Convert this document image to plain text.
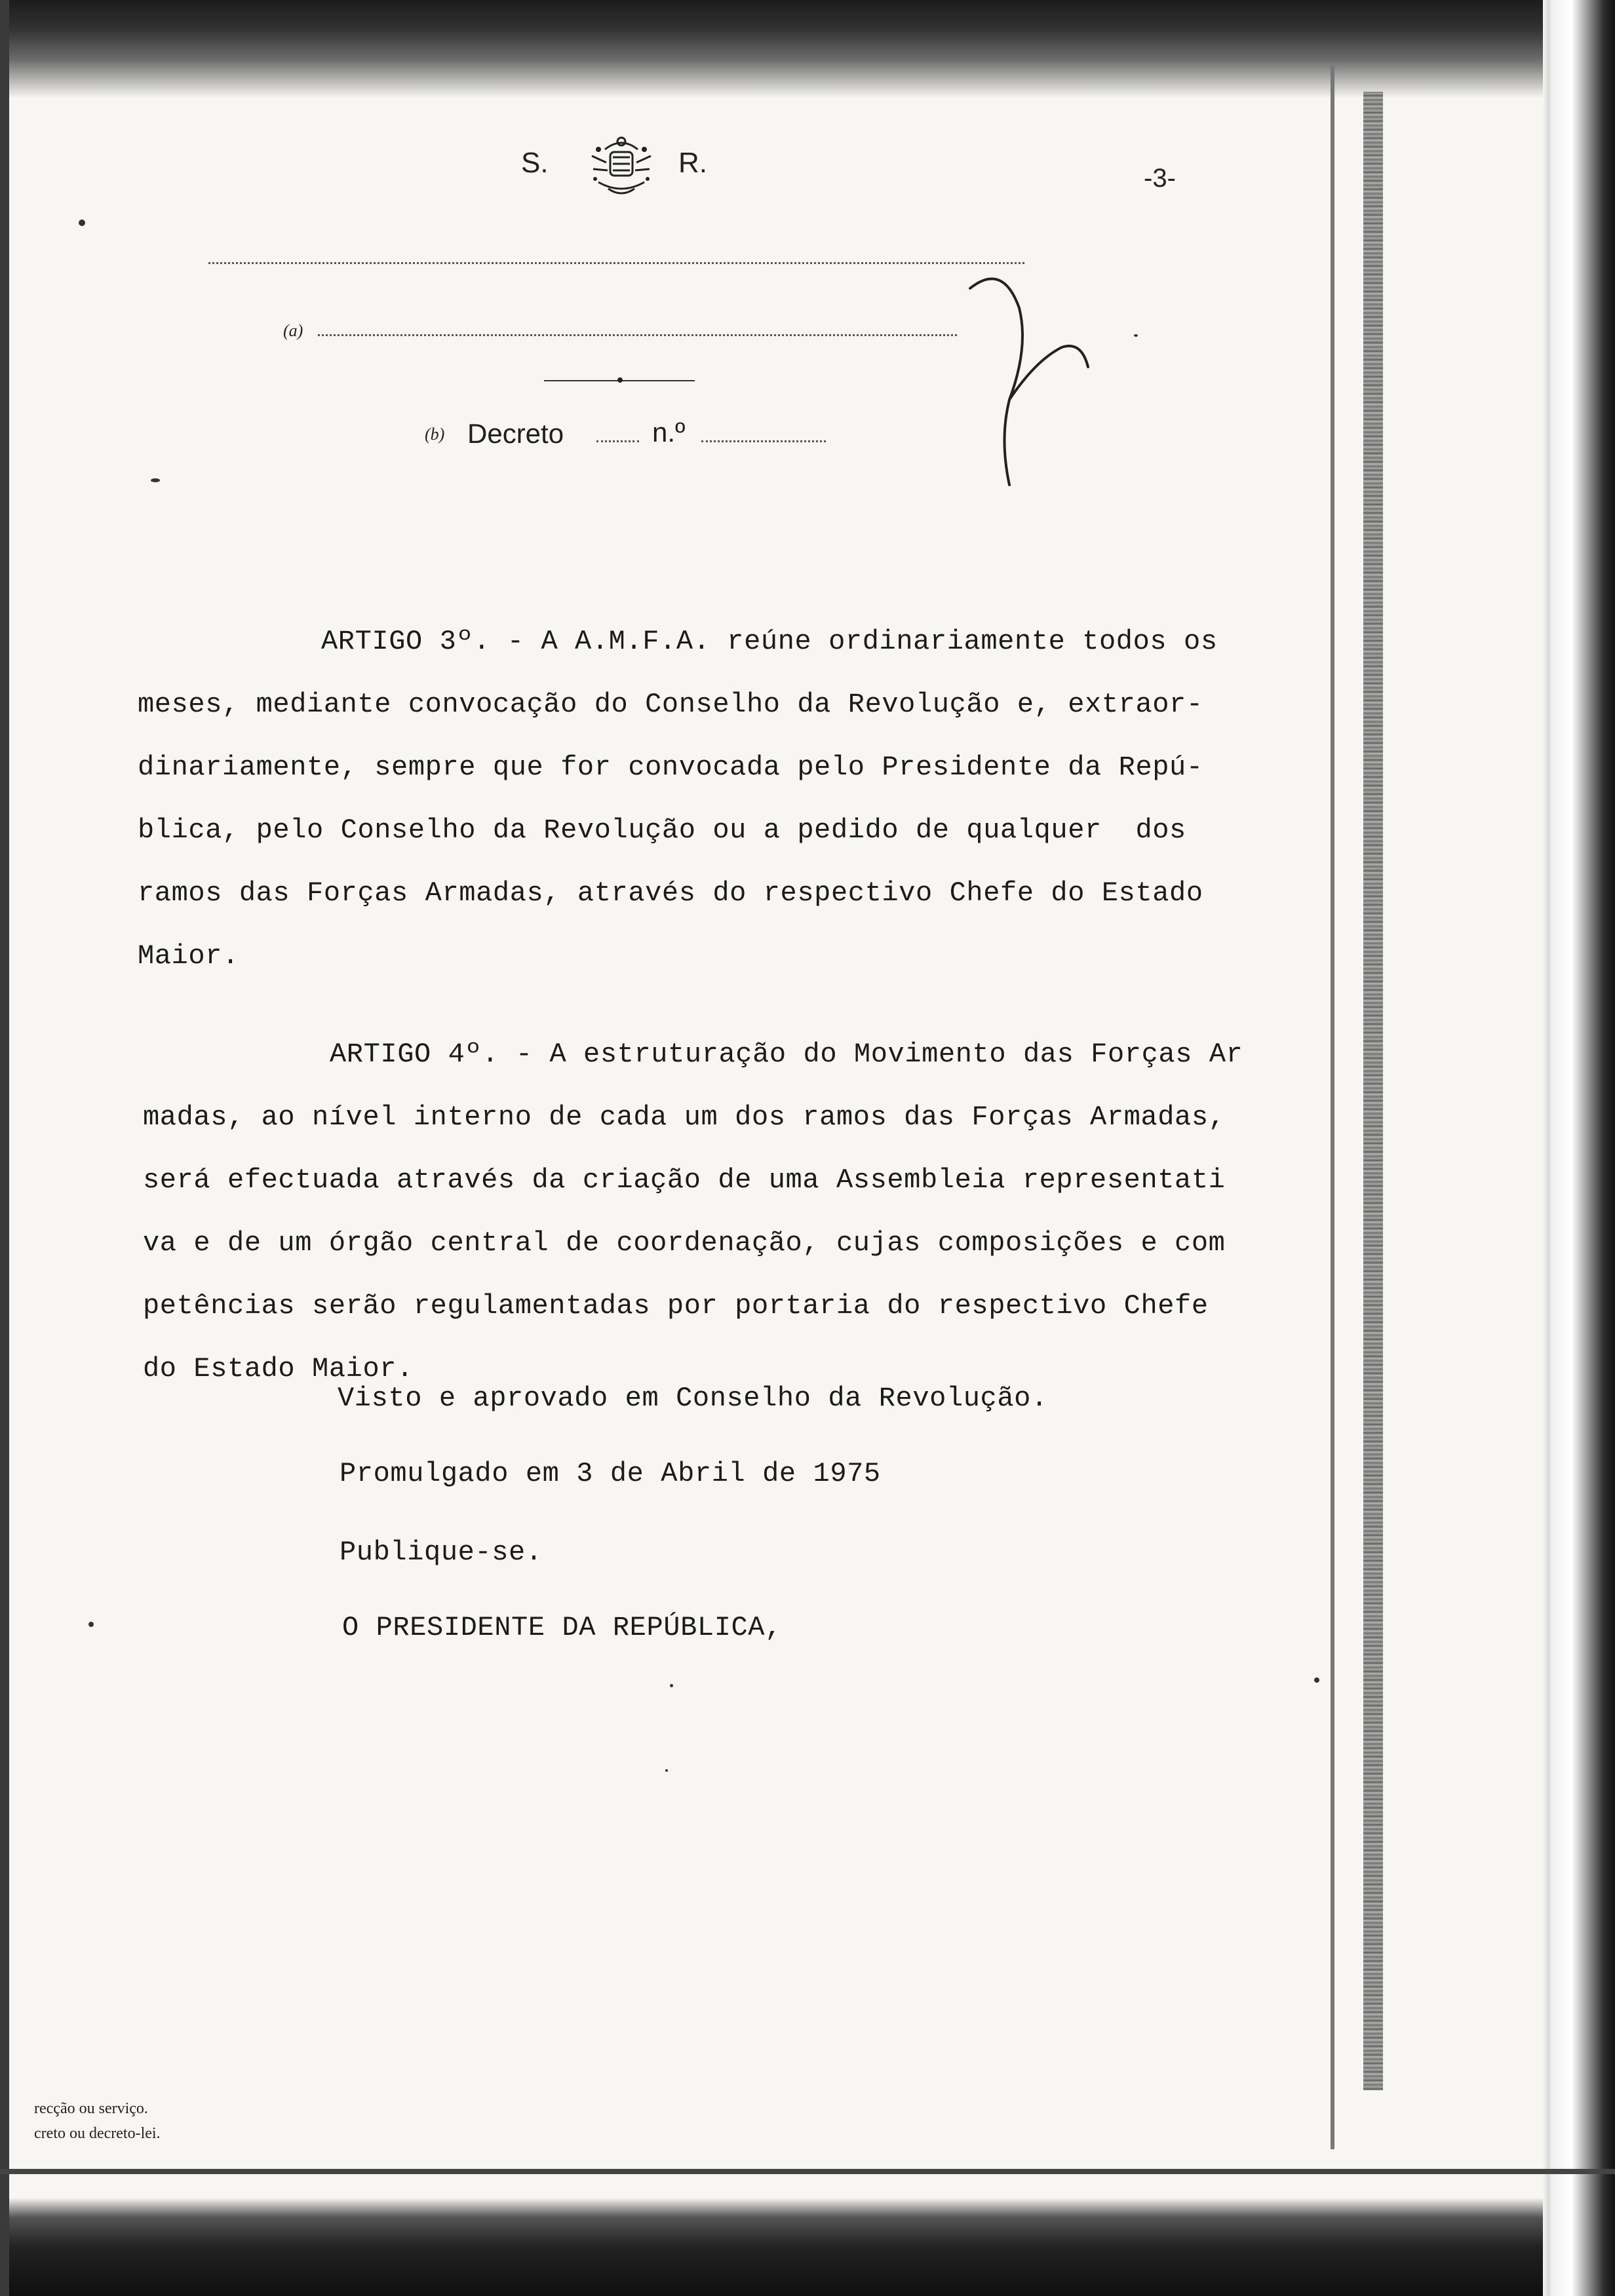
S.	R.	-3-
(a)
(b) Decreto	n.º

ARTIGO 3º. - A A.M.F.A. reúne ordinariamente todos os
meses, mediante convocação do Conselho da Revolução e, extraor-
dinariamente, sempre que for convocada pelo Presidente da Repú-
blica, pelo Conselho da Revolução ou a pedido de qualquer  dos
ramos das Forças Armadas, através do respectivo Chefe do Estado
Maior.

ARTIGO 4º. - A estruturação do Movimento das Forças Ar
madas, ao nível interno de cada um dos ramos das Forças Armadas,
será efectuada através da criação de uma Assembleia representati
va e de um órgão central de coordenação, cujas composições e com
petências serão regulamentadas por portaria do respectivo Chefe
do Estado Maior.

Visto e aprovado em Conselho da Revolução.
Promulgado em 3 de Abril de 1975
Publique-se.
O PRESIDENTE DA REPÚBLICA,
recção ou serviço.
creto ou decreto-lei.
